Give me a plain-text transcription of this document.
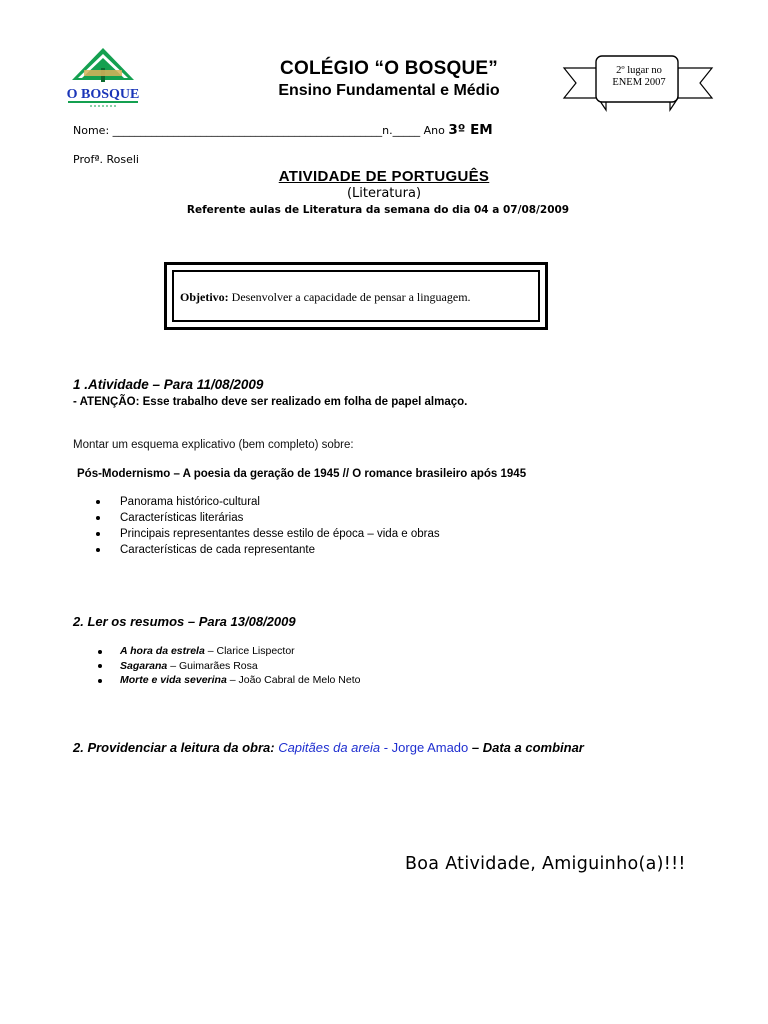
O BOSQUE
COLÉGIO “O BOSQUE”
Ensino Fundamental e Médio
2º lugar no
ENEM 2007
Nome: _________________________________________________n._____ Ano 3º EM
Profª. Roseli
ATIVIDADE DE PORTUGUÊS
(Literatura)
Referente aulas de Literatura da semana do dia 04 a 07/08/2009
Objetivo: Desenvolver a capacidade de pensar a linguagem.
1 .Atividade – Para 11/08/2009
- ATENÇÃO: Esse trabalho deve ser realizado em folha de papel almaço.
Montar um esquema explicativo (bem completo) sobre:
Pós-Modernismo – A poesia da geração de 1945 // O romance brasileiro após 1945
Panorama histórico-cultural
Características literárias
Principais representantes desse estilo de época – vida e obras
Características de cada representante
2. Ler os resumos – Para 13/08/2009
A hora da estrela – Clarice Lispector
Sagarana – Guimarães Rosa
Morte e vida severina – João Cabral de Melo Neto
2. Providenciar a leitura da obra: Capitães da areia - Jorge Amado – Data a combinar
Boa Atividade, Amiguinho(a)!!!
